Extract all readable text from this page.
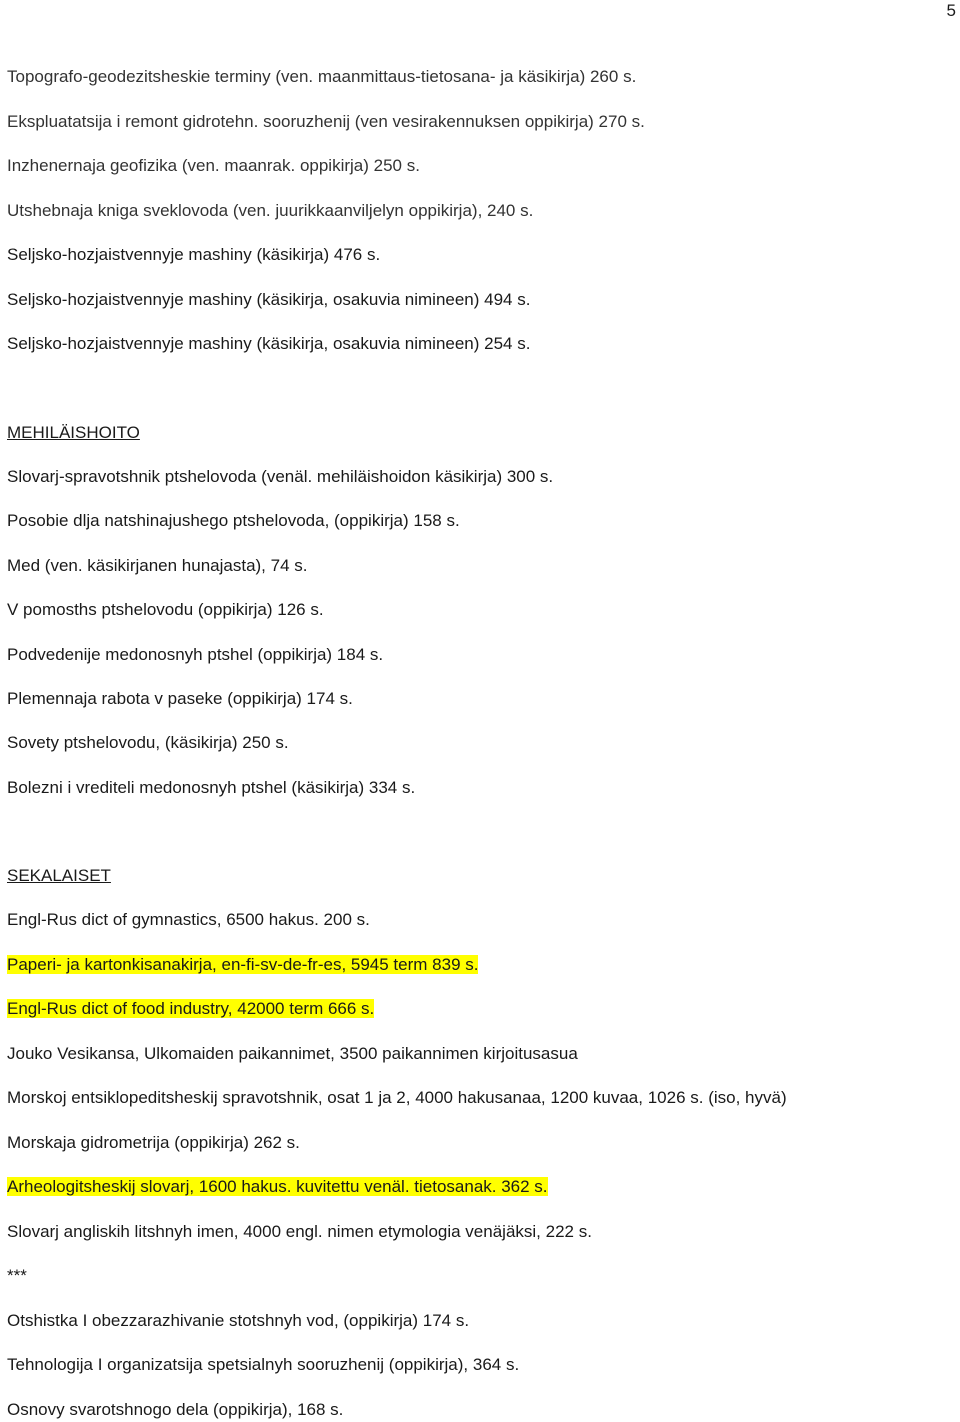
5
Topografo-geodezitsheskie terminy (ven. maanmittaus-tietosana- ja käsikirja) 260 s.
Ekspluatatsija i remont gidrotehn. sooruzhenij (ven vesirakennuksen oppikirja) 270 s.
Inzhenernaja geofizika (ven. maanrak. oppikirja) 250 s.
Utshebnaja kniga sveklovoda (ven. juurikkaanviljelyn oppikirja), 240 s.
Seljsko-hozjaistvennyje mashiny (käsikirja) 476 s.
Seljsko-hozjaistvennyje mashiny (käsikirja, osakuvia nimineen) 494 s.
Seljsko-hozjaistvennyje mashiny (käsikirja, osakuvia nimineen) 254 s.
MEHILÄISHOITO
Slovarj-spravotshnik ptshelovoda (venäl. mehiläishoidon käsikirja) 300 s.
Posobie dlja natshinajushego ptshelovoda, (oppikirja) 158 s.
Med (ven. käsikirjanen hunajasta), 74 s.
V pomosths ptshelovodu (oppikirja) 126 s.
Podvedenije medonosnyh ptshel (oppikirja) 184 s.
Plemennaja rabota v paseke (oppikirja) 174 s.
Sovety ptshelovodu, (käsikirja) 250 s.
Bolezni i vrediteli medonosnyh ptshel (käsikirja) 334 s.
SEKALAISET
Engl-Rus dict of gymnastics, 6500 hakus. 200 s.
Paperi- ja kartonkisanakirja, en-fi-sv-de-fr-es, 5945 term 839 s.
Engl-Rus dict of food industry, 42000 term 666 s.
Jouko Vesikansa, Ulkomaiden paikannimet, 3500 paikannimen kirjoitusasua
Morskoj entsiklopeditsheskij spravotshnik, osat 1 ja 2, 4000 hakusanaa, 1200 kuvaa, 1026 s. (iso, hyvä)
Morskaja gidrometrija (oppikirja) 262 s.
Arheologitsheskij slovarj, 1600 hakus. kuvitettu venäl. tietosanak. 362 s.
Slovarj angliskih litshnyh imen, 4000 engl. nimen etymologia venäjäksi, 222 s.
***
Otshistka I obezzarazhivanie stotshnyh vod, (oppikirja) 174 s.
Tehnologija I organizatsija spetsialnyh sooruzhenij (oppikirja), 364 s.
Osnovy svarotshnogo dela (oppikirja), 168 s.
